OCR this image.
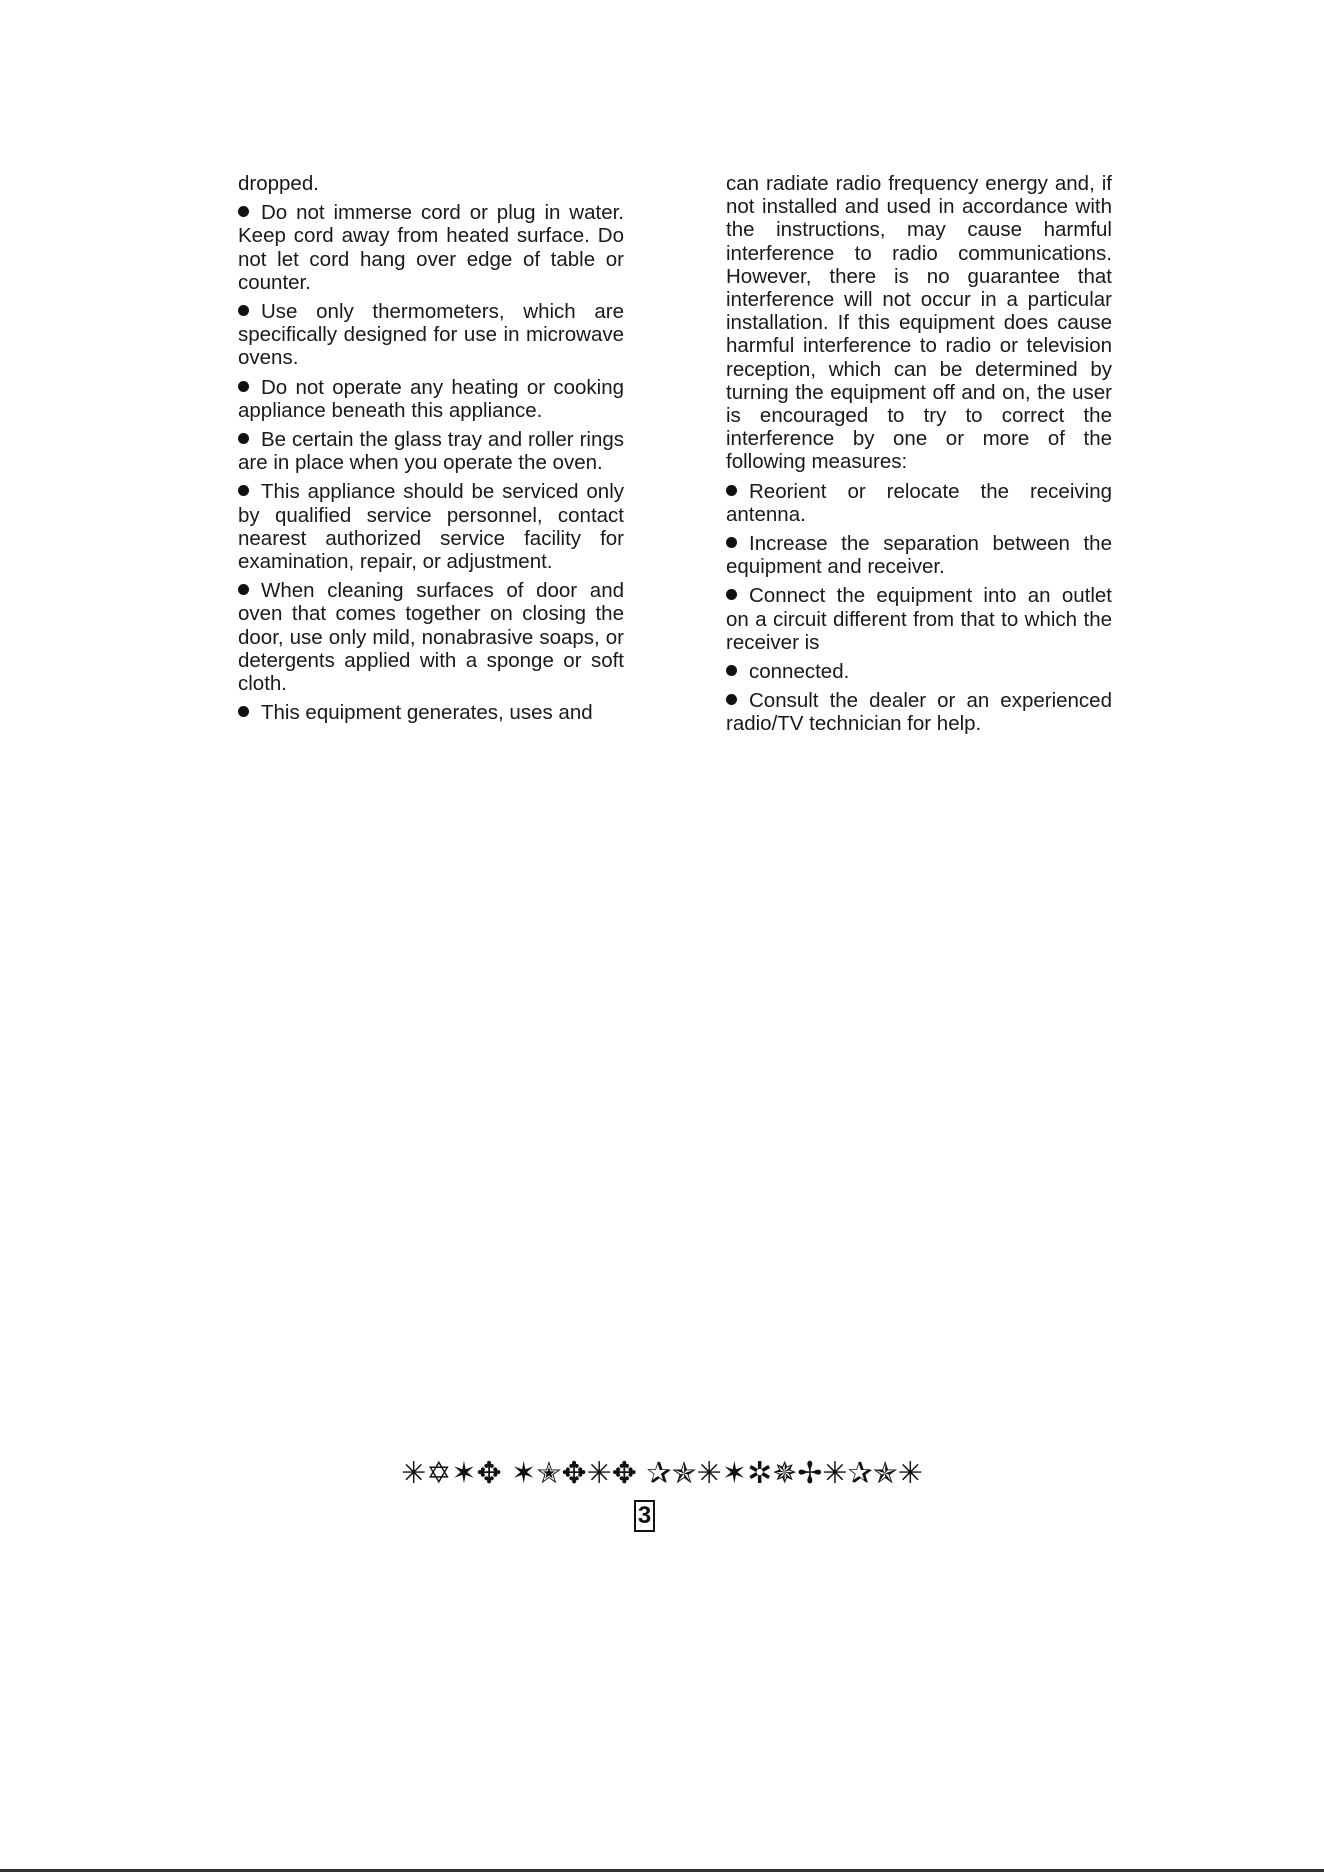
dropped.

Do not immerse cord or plug in water. Keep cord away from heated surface. Do not let cord hang over edge of table or counter.

Use only thermometers, which are specifically designed for use in microwave ovens.

Do not operate any heating or cooking appliance beneath this appliance.

Be certain the glass tray and roller rings are in place when you operate the oven.

This appliance should be serviced only by qualified service personnel, contact nearest authorized service facility for examination, repair, or adjustment.

When cleaning surfaces of door and oven that comes together on closing the door, use only mild, nonabrasive soaps, or detergents applied with a sponge or soft cloth.

This equipment generates, uses and

can radiate radio frequency energy and, if not installed and used in accordance with the instructions, may cause harmful interference to radio communications. However, there is no guarantee that interference will not occur in a particular installation. If this equipment does cause harmful interference to radio or television reception, which can be determined by turning the equipment off and on, the user is encouraged to try to correct the interference by one or more of the following measures:

Reorient or relocate the receiving antenna.

Increase the separation between the equipment and receiver.

Connect the equipment into an outlet on a circuit different from that to which the receiver is

connected.

Consult the dealer or an experienced radio/TV technician for help.

✳✡✶✥ ✶✭✥✳✥ ✰✯✳✶✲✵✢✳✰✯✳
3
